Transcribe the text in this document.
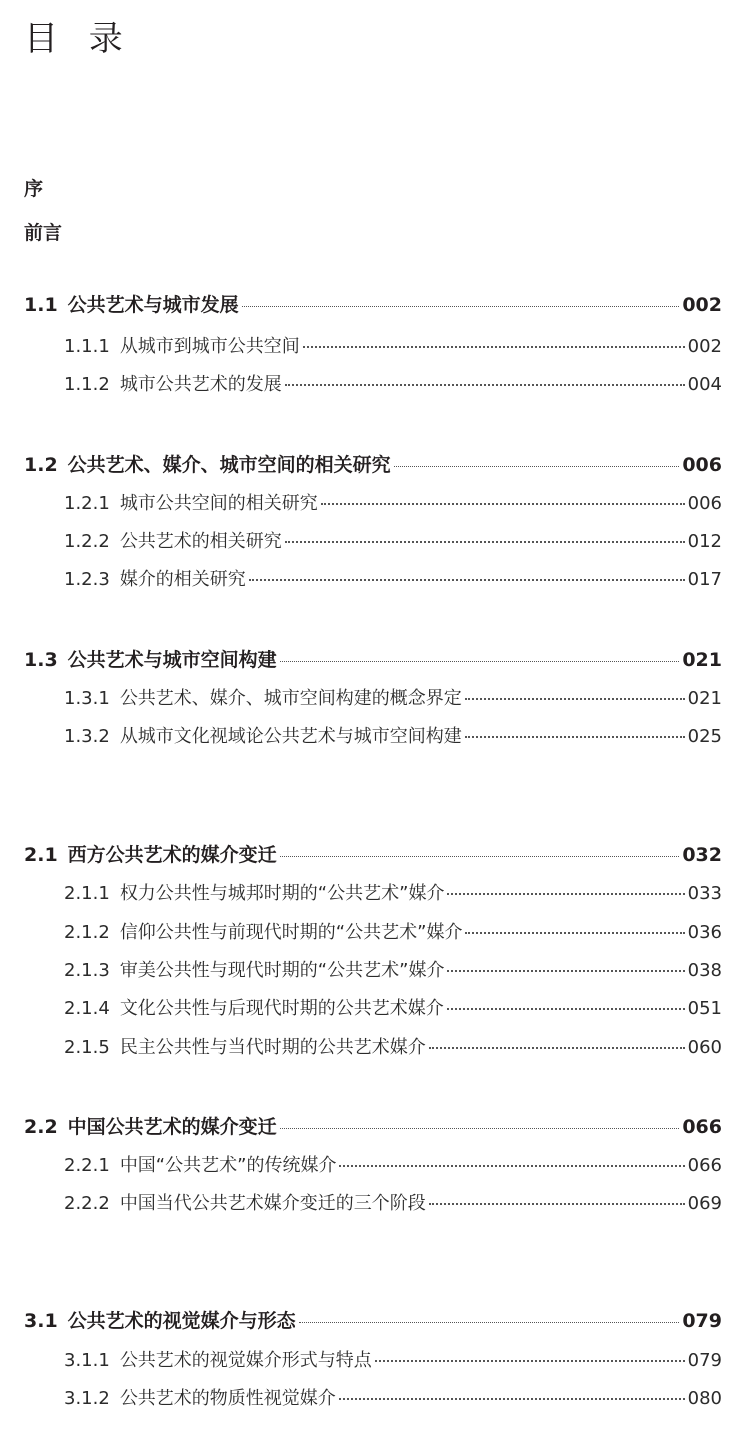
目 录
序
前言
1.1 公共艺术与城市发展	002
1.1.1 从城市到城市公共空间	002
1.1.2 城市公共艺术的发展	004
1.2 公共艺术、媒介、城市空间的相关研究	006
1.2.1 城市公共空间的相关研究	006
1.2.2 公共艺术的相关研究	012
1.2.3 媒介的相关研究	017
1.3 公共艺术与城市空间构建	021
1.3.1 公共艺术、媒介、城市空间构建的概念界定	021
1.3.2 从城市文化视域论公共艺术与城市空间构建	025
2.1 西方公共艺术的媒介变迁	032
2.1.1 权力公共性与城邦时期的“公共艺术”媒介	033
2.1.2 信仰公共性与前现代时期的“公共艺术”媒介	036
2.1.3 审美公共性与现代时期的“公共艺术”媒介	038
2.1.4 文化公共性与后现代时期的公共艺术媒介	051
2.1.5 民主公共性与当代时期的公共艺术媒介	060
2.2 中国公共艺术的媒介变迁	066
2.2.1 中国“公共艺术”的传统媒介	066
2.2.2 中国当代公共艺术媒介变迁的三个阶段	069
3.1 公共艺术的视觉媒介与形态	079
3.1.1 公共艺术的视觉媒介形式与特点	079
3.1.2 公共艺术的物质性视觉媒介	080
